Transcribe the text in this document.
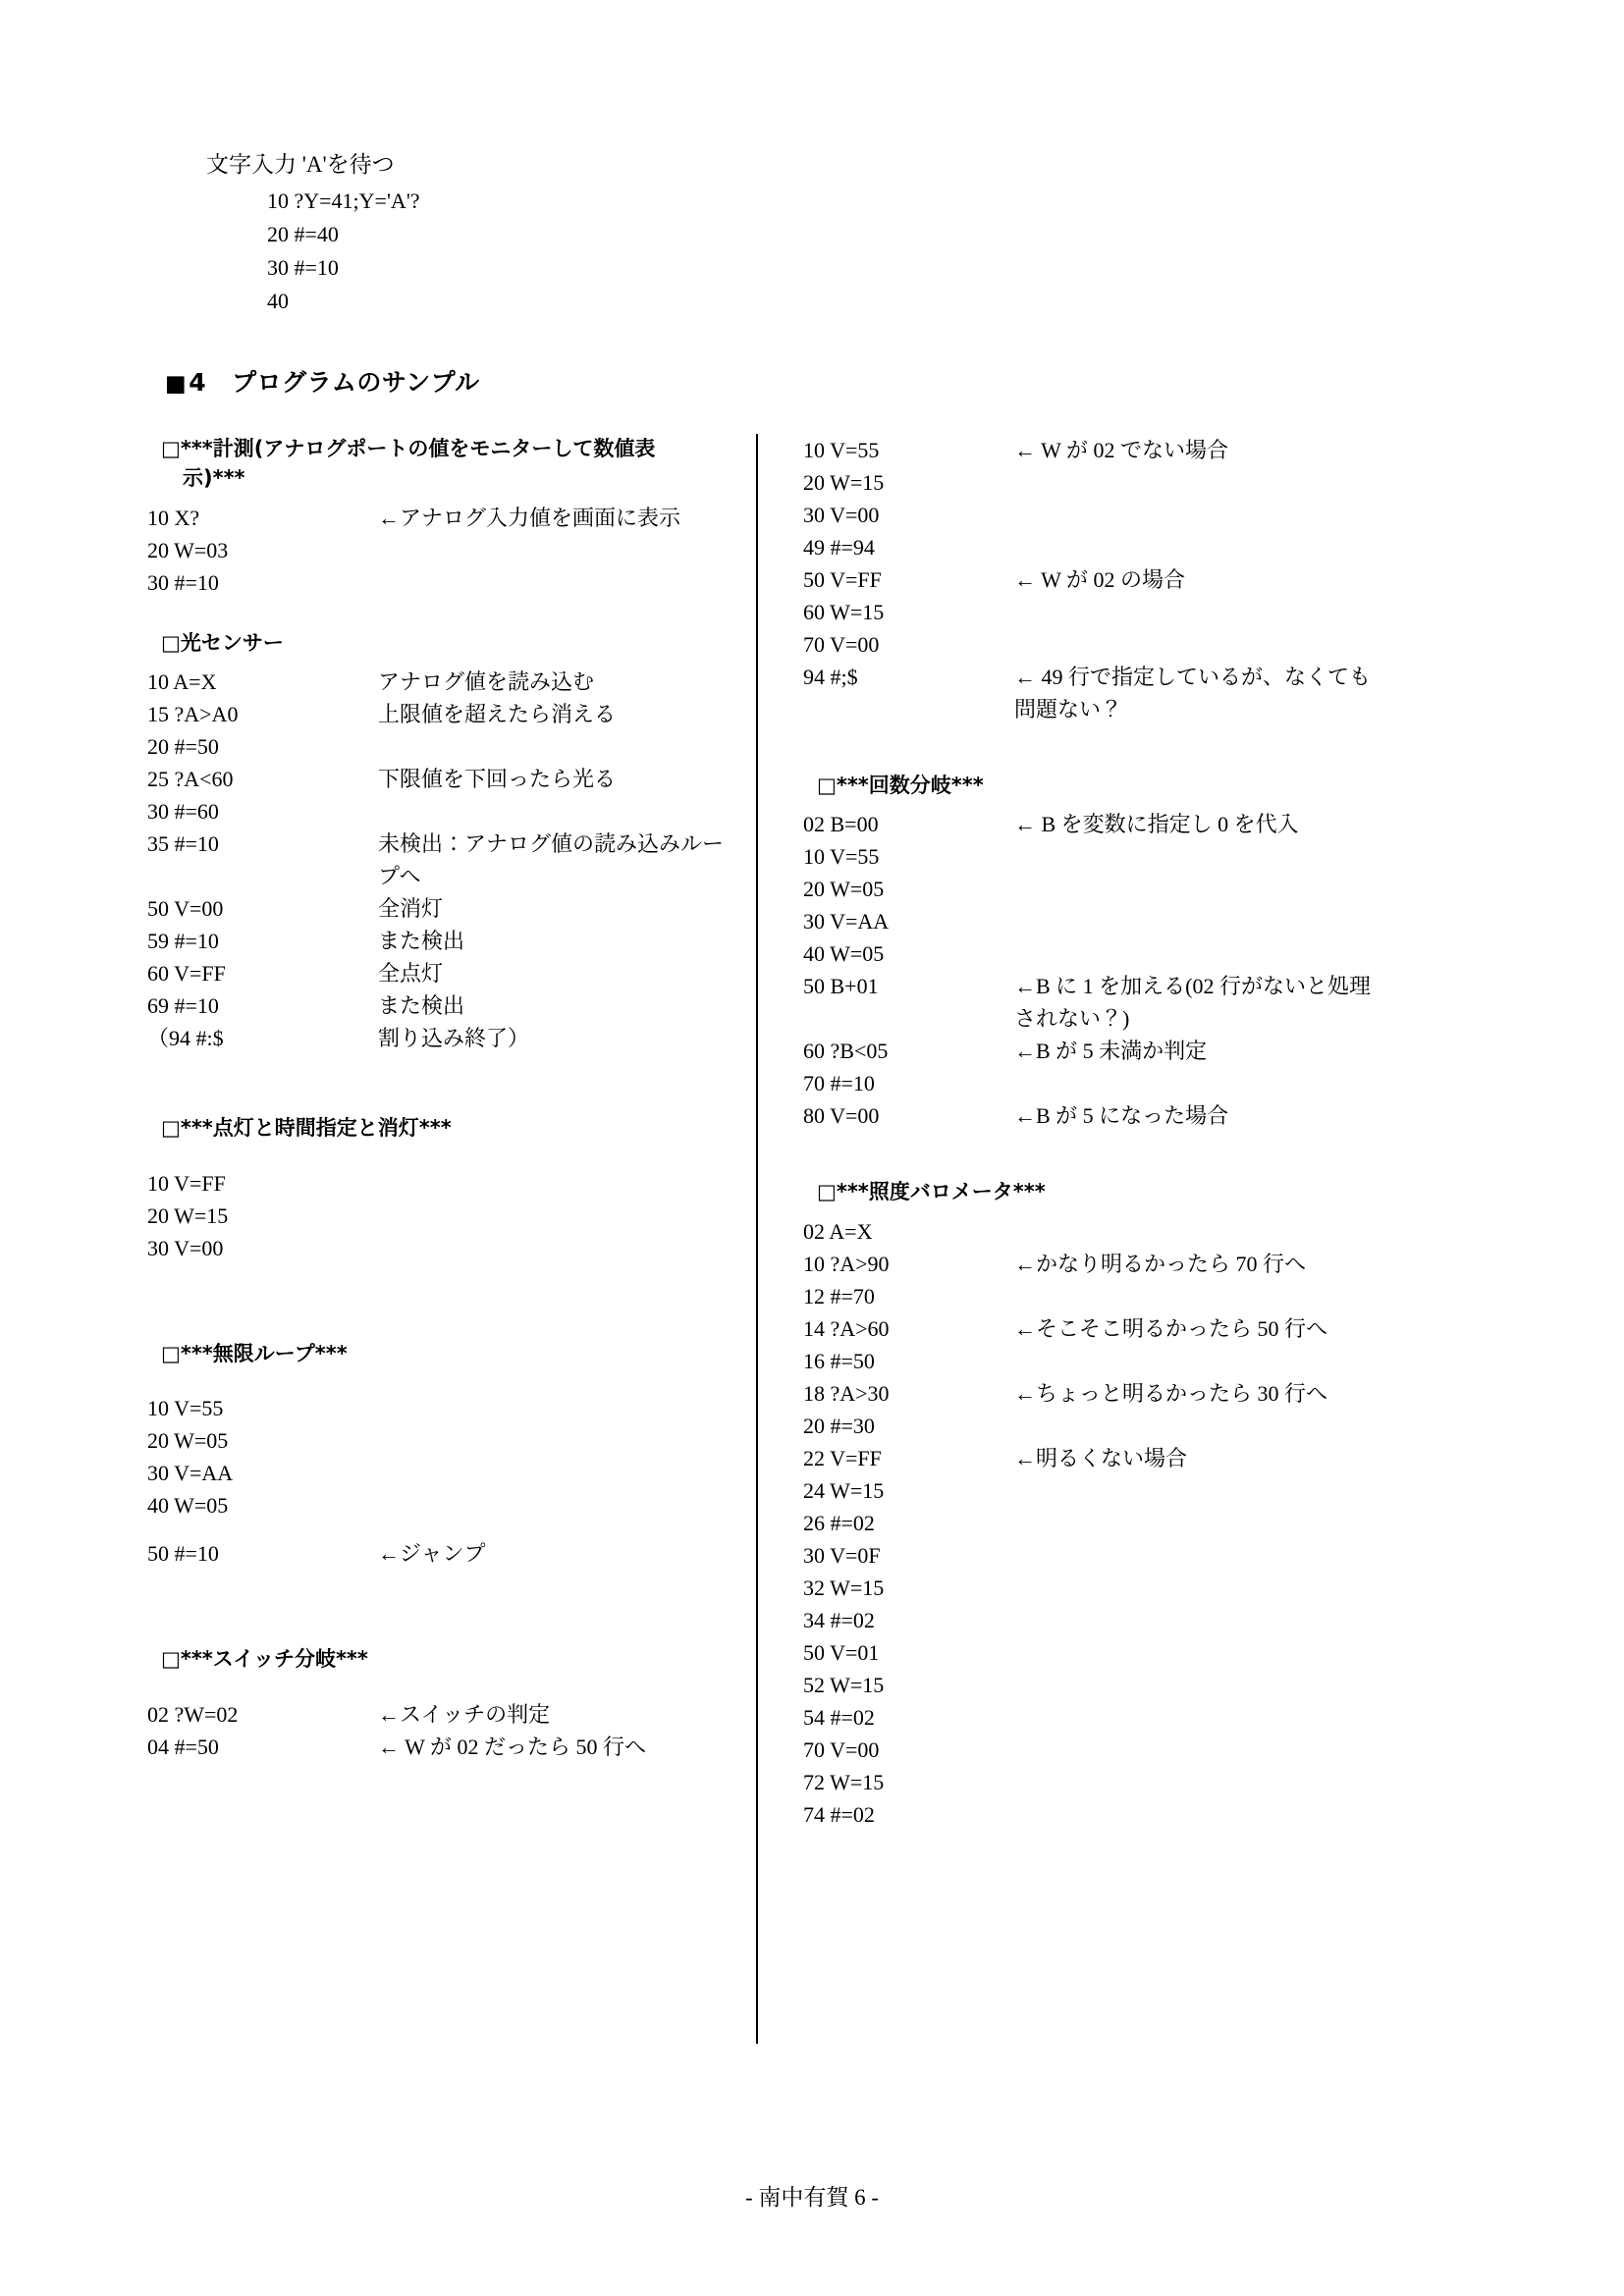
文字入力 'A'を待つ
10 ?Y=41;Y='A'?
20 #=40
30 #=10
40
■4 プログラムのサンプル
□***計測(アナログポートの値をモニターして数値表
示)***
10 X?	←アナログ入力値を画面に表示
20 W=03
30 #=10
□光センサー
10 A=X	アナログ値を読み込む
15 ?A>A0	上限値を超えたら消える
20 #=50
25 ?A<60	下限値を下回ったら光る
30 #=60
35 #=10	未検出：アナログ値の読み込みループへ
50 V=00	全消灯
59 #=10	また検出
60 V=FF	全点灯
69 #=10	また検出
（94 #:$	割り込み終了）
□***点灯と時間指定と消灯***
10 V=FF
20 W=15
30 V=00
□***無限ループ***
10 V=55
20 W=05
30 V=AA
40 W=05
50 #=10	←ジャンプ
□***スイッチ分岐***
02 ?W=02	←スイッチの判定
04 #=50	← W が 02 だったら 50 行へ
10 V=55	← W が 02 でない場合
20 W=15
30 V=00
49 #=94
50 V=FF	← W が 02 の場合
60 W=15
70 V=00
94 #;$	← 49 行で指定しているが、なくても問題ない？
□***回数分岐***
02 B=00	← B を変数に指定し 0 を代入
10 V=55
20 W=05
30 V=AA
40 W=05
50 B+01	←B に 1 を加える(02 行がないと処理されない？)
60 ?B<05	←B が 5 未満か判定
70 #=10
80 V=00	←B が 5 になった場合
□***照度バロメータ***
02 A=X
10 ?A>90	←かなり明るかったら 70 行へ
12 #=70
14 ?A>60	←そこそこ明るかったら 50 行へ
16 #=50
18 ?A>30	←ちょっと明るかったら 30 行へ
20 #=30
22 V=FF	←明るくない場合
24 W=15
26 #=02
30 V=0F
32 W=15
34 #=02
50 V=01
52 W=15
54 #=02
70 V=00
72 W=15
74 #=02
- 南中有賀 6 -
